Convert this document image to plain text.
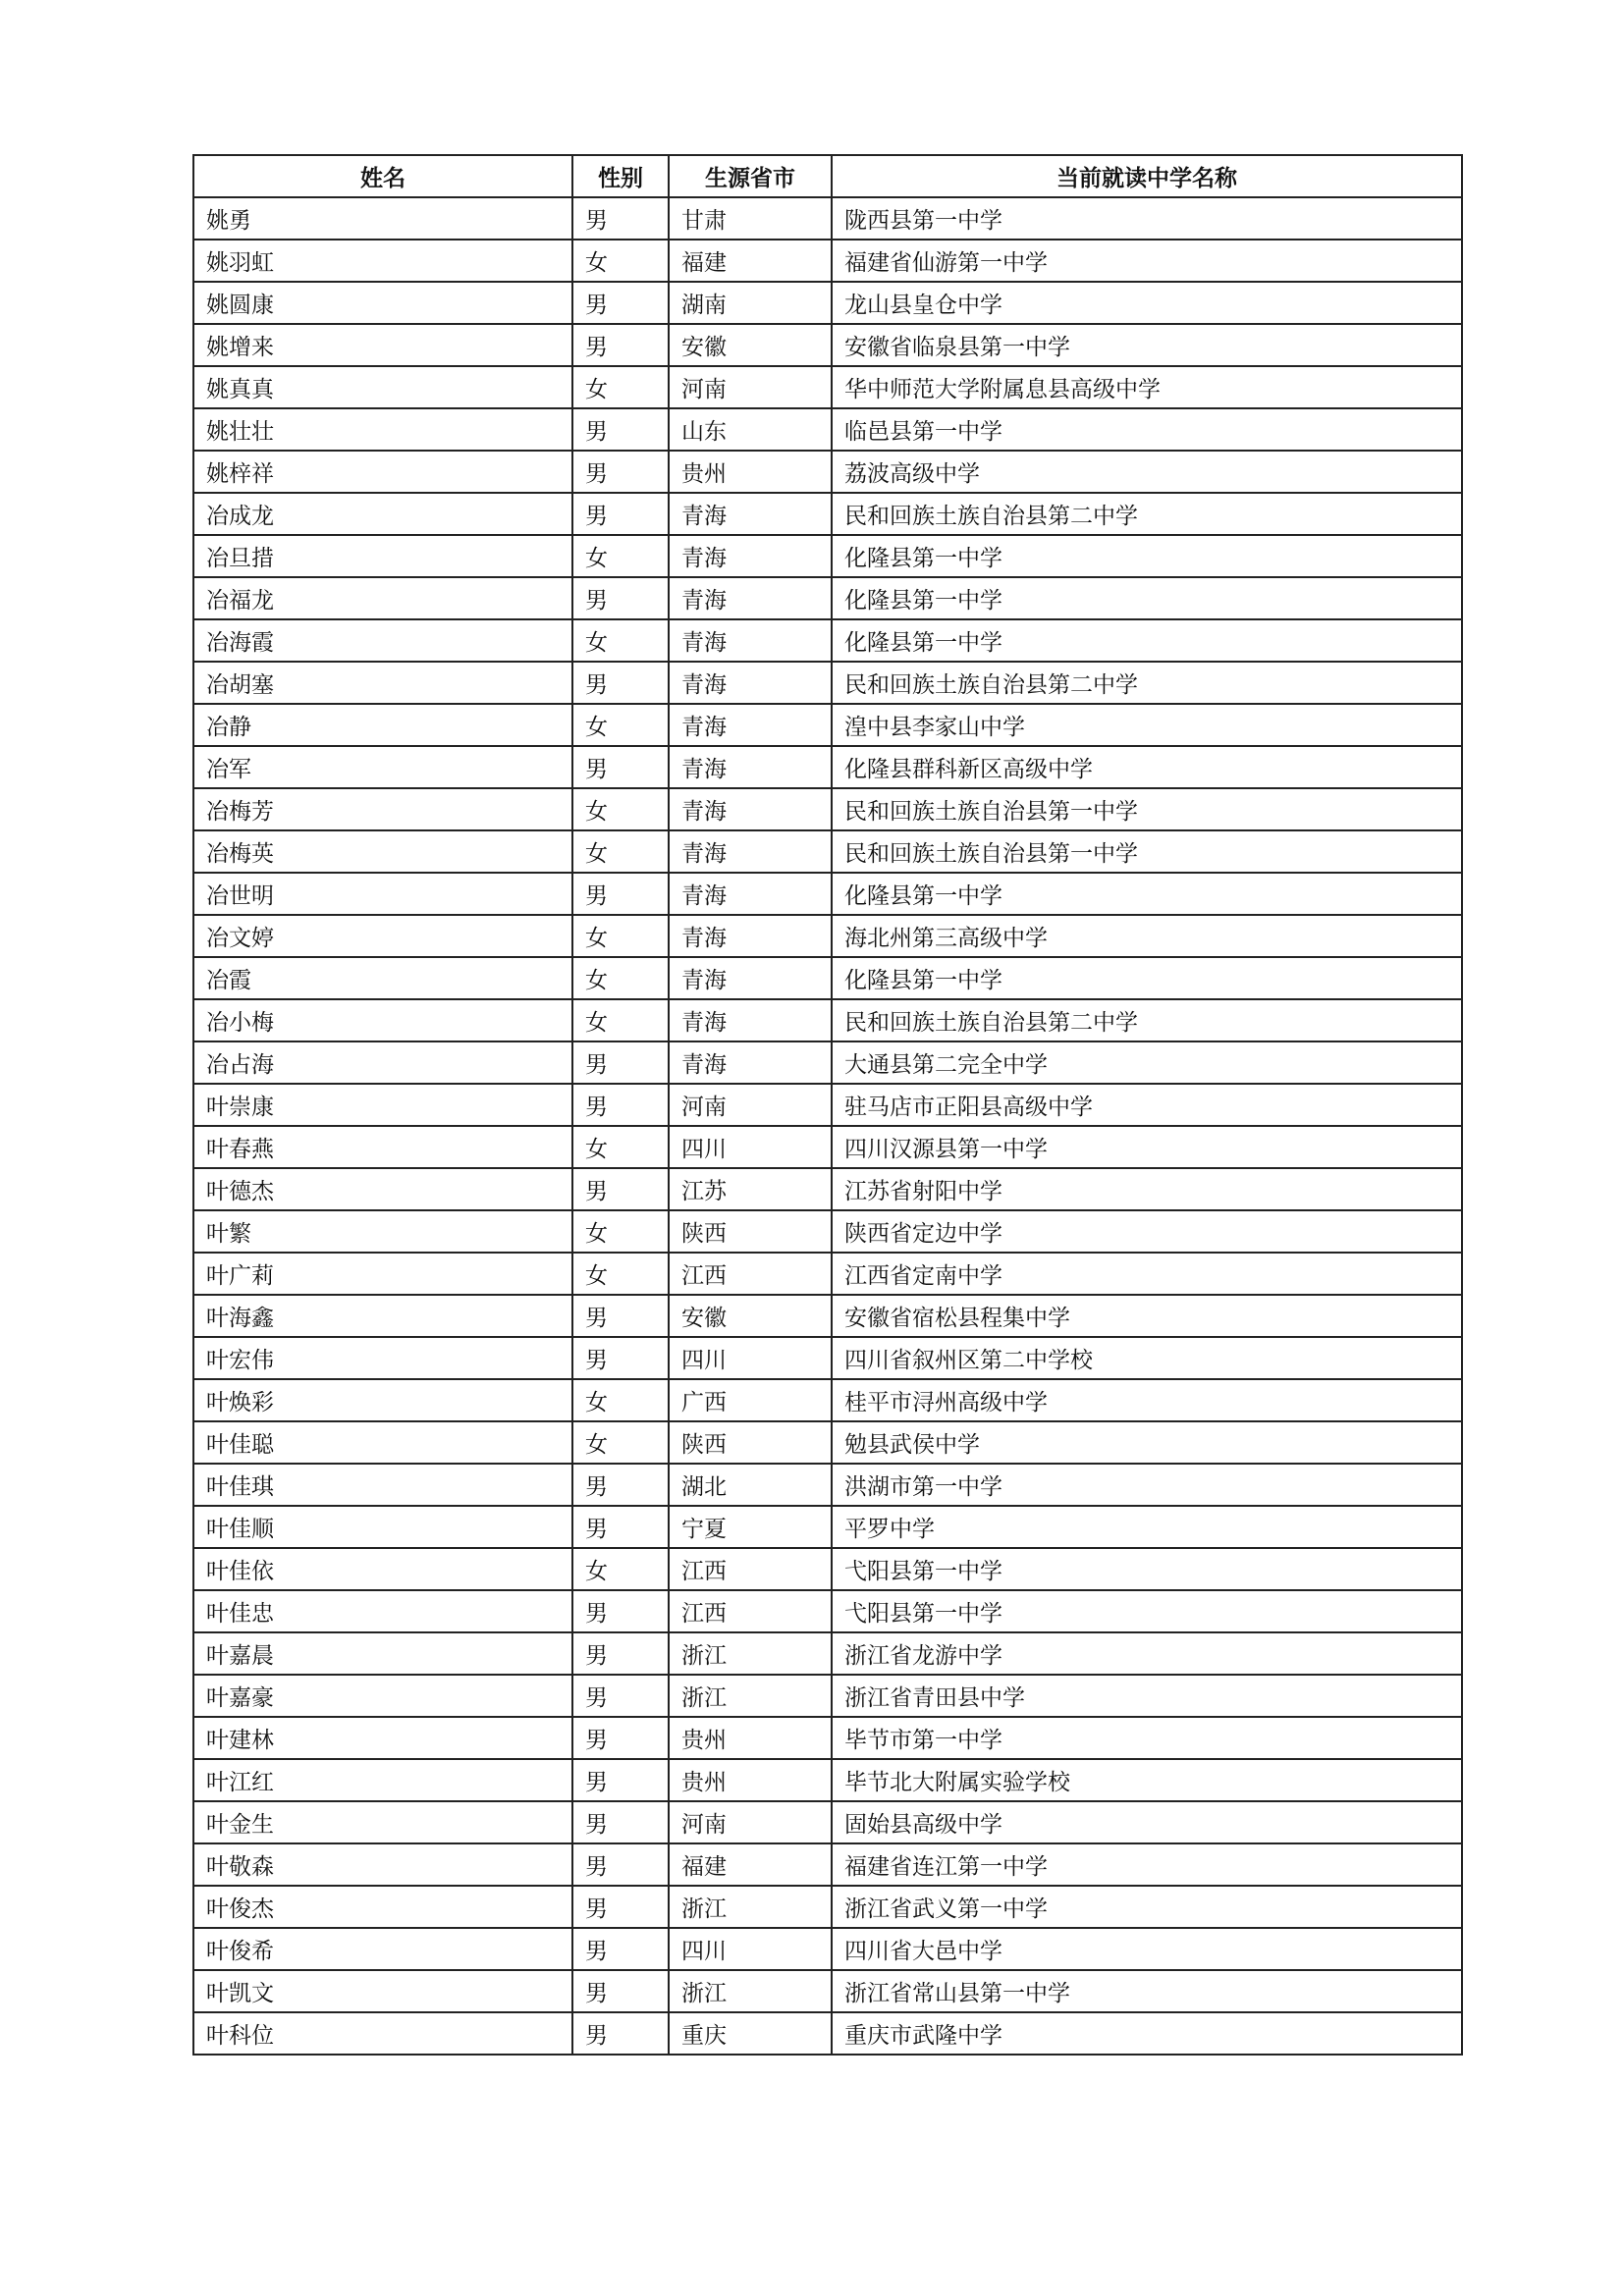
姓名	性别	生源省市	当前就读中学名称
姚勇	男	甘肃	陇西县第一中学
姚羽虹	女	福建	福建省仙游第一中学
姚圆康	男	湖南	龙山县皇仓中学
姚增来	男	安徽	安徽省临泉县第一中学
姚真真	女	河南	华中师范大学附属息县高级中学
姚壮壮	男	山东	临邑县第一中学
姚梓祥	男	贵州	荔波高级中学
冶成龙	男	青海	民和回族土族自治县第二中学
冶旦措	女	青海	化隆县第一中学
冶福龙	男	青海	化隆县第一中学
冶海霞	女	青海	化隆县第一中学
冶胡塞	男	青海	民和回族土族自治县第二中学
冶静	女	青海	湟中县李家山中学
冶军	男	青海	化隆县群科新区高级中学
冶梅芳	女	青海	民和回族土族自治县第一中学
冶梅英	女	青海	民和回族土族自治县第一中学
冶世明	男	青海	化隆县第一中学
冶文婷	女	青海	海北州第三高级中学
冶霞	女	青海	化隆县第一中学
冶小梅	女	青海	民和回族土族自治县第二中学
冶占海	男	青海	大通县第二完全中学
叶崇康	男	河南	驻马店市正阳县高级中学
叶春燕	女	四川	四川汉源县第一中学
叶德杰	男	江苏	江苏省射阳中学
叶繁	女	陕西	陕西省定边中学
叶广莉	女	江西	江西省定南中学
叶海鑫	男	安徽	安徽省宿松县程集中学
叶宏伟	男	四川	四川省叙州区第二中学校
叶焕彩	女	广西	桂平市浔州高级中学
叶佳聪	女	陕西	勉县武侯中学
叶佳琪	男	湖北	洪湖市第一中学
叶佳顺	男	宁夏	平罗中学
叶佳依	女	江西	弋阳县第一中学
叶佳忠	男	江西	弋阳县第一中学
叶嘉晨	男	浙江	浙江省龙游中学
叶嘉豪	男	浙江	浙江省青田县中学
叶建林	男	贵州	毕节市第一中学
叶江红	男	贵州	毕节北大附属实验学校
叶金生	男	河南	固始县高级中学
叶敬森	男	福建	福建省连江第一中学
叶俊杰	男	浙江	浙江省武义第一中学
叶俊希	男	四川	四川省大邑中学
叶凯文	男	浙江	浙江省常山县第一中学
叶科位	男	重庆	重庆市武隆中学
